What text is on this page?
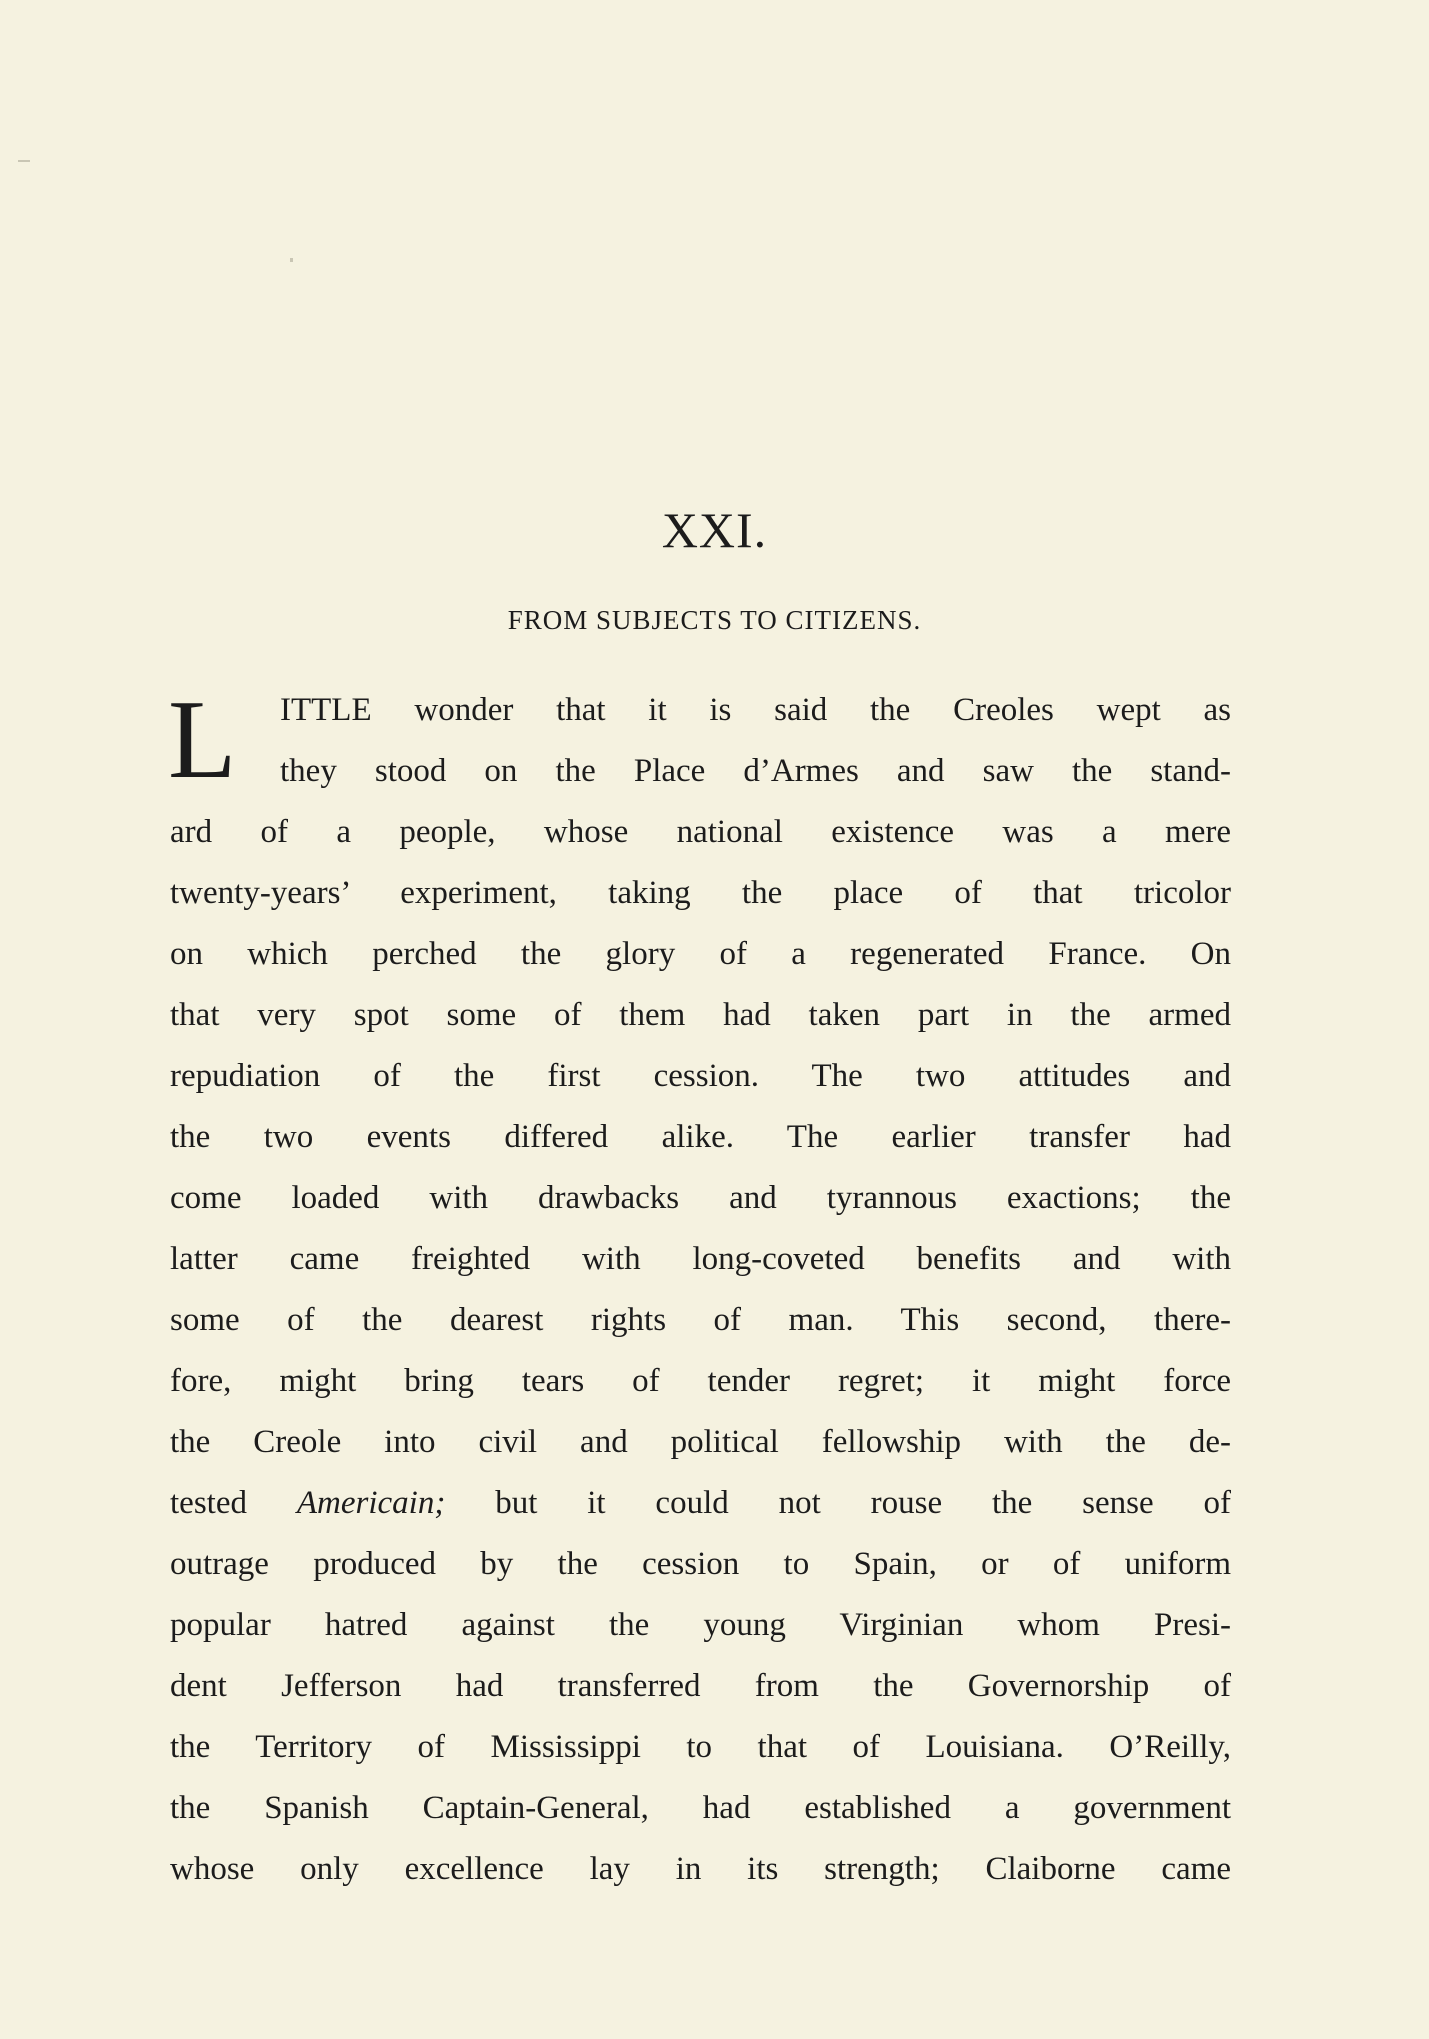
XXI.
FROM SUBJECTS TO CITIZENS.
L ITTLE wonder that it is said the Creoles wept as
they stood on the Place d’Armes and saw the stand-
ard of a people, whose national existence was a mere
twenty-years’ experiment, taking the place of that tricolor
on which perched the glory of a regenerated France. On
that very spot some of them had taken part in the armed
repudiation of the first cession. The two attitudes and
the two events differed alike. The earlier transfer had
come loaded with drawbacks and tyrannous exactions; the
latter came freighted with long-coveted benefits and with
some of the dearest rights of man. This second, there-
fore, might bring tears of tender regret; it might force
the Creole into civil and political fellowship with the de-
tested Americain; but it could not rouse the sense of
outrage produced by the cession to Spain, or of uniform
popular hatred against the young Virginian whom Presi-
dent Jefferson had transferred from the Governorship of
the Territory of Mississippi to that of Louisiana. O’Reilly,
the Spanish Captain-General, had established a government
whose only excellence lay in its strength; Claiborne came
